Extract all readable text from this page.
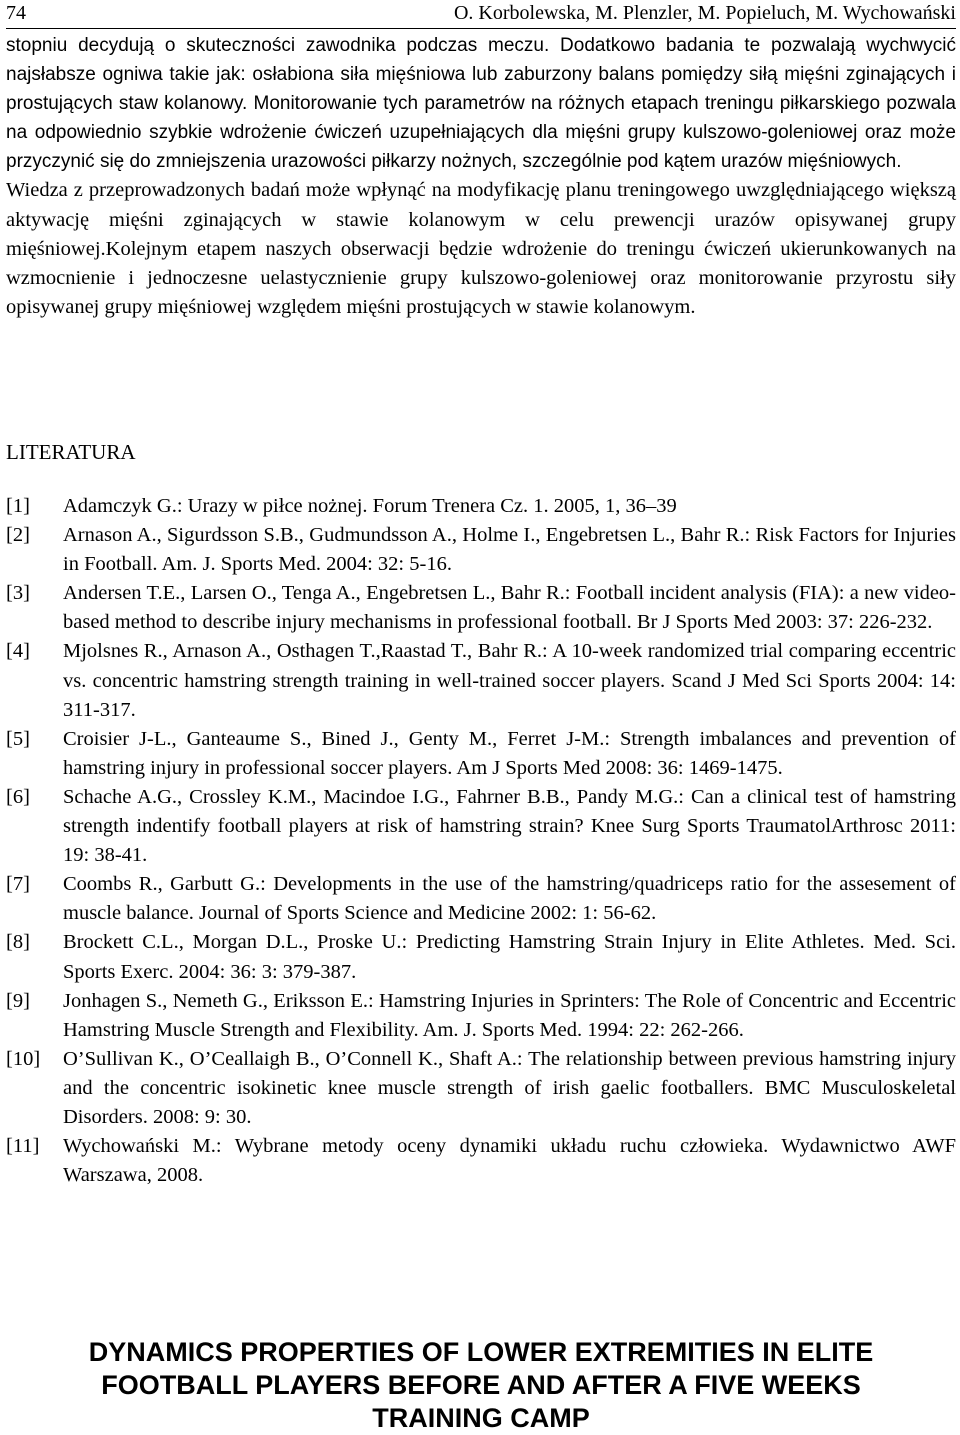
74	O. Korbolewska, M. Plenzler, M. Popieluch, M. Wychowański

stopniu decydują o skuteczności zawodnika podczas meczu. Dodatkowo badania te pozwalają wychwycić najsłabsze ogniwa takie jak: osłabiona siła mięśniowa lub zaburzony balans pomiędzy siłą mięśni zginających i prostujących staw kolanowy. Monitorowanie tych parametrów na różnych etapach treningu piłkarskiego pozwala na odpowiednio szybkie wdrożenie ćwiczeń uzupełniających dla mięśni grupy kulszowo-goleniowej oraz może przyczynić się do zmniejszenia urazowości piłkarzy nożnych, szczególnie pod kątem urazów mięśniowych.

Wiedza z przeprowadzonych badań może wpłynąć na modyfikację planu treningowego uwzględniającego większą aktywację mięśni zginających w stawie kolanowym w celu prewencji urazów opisywanej grupy mięśniowej.Kolejnym etapem naszych obserwacji będzie wdrożenie do treningu ćwiczeń ukierunkowanych na wzmocnienie i jednoczesne uelastycznienie grupy kulszowo-goleniowej oraz monitorowanie przyrostu siły opisywanej grupy mięśniowej względem mięśni prostujących w stawie kolanowym.

LITERATURA
[1] Adamczyk G.: Urazy w piłce nożnej. Forum Trenera Cz. 1. 2005, 1, 36–39
[2] Arnason A., Sigurdsson S.B., Gudmundsson A., Holme I., Engebretsen L., Bahr R.: Risk Factors for Injuries in Football. Am. J. Sports Med. 2004: 32: 5-16.
[3] Andersen T.E., Larsen O., Tenga A., Engebretsen L., Bahr R.: Football incident analysis (FIA): a new video-based method to describe injury mechanisms in professional football. Br J Sports Med 2003: 37: 226-232.
[4] Mjolsnes R., Arnason A., Osthagen T.,Raastad T., Bahr R.: A 10-week randomized trial comparing eccentric vs. concentric hamstring strength training in well-trained soccer players. Scand J Med Sci Sports 2004: 14: 311-317.
[5] Croisier J-L., Ganteaume S., Bined J., Genty M., Ferret J-M.: Strength imbalances and prevention of hamstring injury in professional soccer players. Am J Sports Med 2008: 36: 1469-1475.
[6] Schache A.G., Crossley K.M., Macindoe I.G., Fahrner B.B., Pandy M.G.: Can a clinical test of hamstring strength indentify football players at risk of hamstring strain? Knee Surg Sports TraumatolArthrosc 2011: 19: 38-41.
[7] Coombs R., Garbutt G.: Developments in the use of the hamstring/quadriceps ratio for the assesement of muscle balance. Journal of Sports Science and Medicine 2002: 1: 56-62.
[8] Brockett C.L., Morgan D.L., Proske U.: Predicting Hamstring Strain Injury in Elite Athletes. Med. Sci. Sports Exerc. 2004: 36: 3: 379-387.
[9] Jonhagen S., Nemeth G., Eriksson E.: Hamstring Injuries in Sprinters: The Role of Concentric and Eccentric Hamstring Muscle Strength and Flexibility. Am. J. Sports Med. 1994: 22: 262-266.
[10] O’Sullivan K., O’Ceallaigh B., O’Connell K., Shaft A.: The relationship between previous hamstring injury and the concentric isokinetic knee muscle strength of irish gaelic footballers. BMC Musculoskeletal Disorders. 2008: 9: 30.
[11] Wychowański M.: Wybrane metody oceny dynamiki układu ruchu człowieka. Wydawnictwo AWF Warszawa, 2008.
DYNAMICS PROPERTIES OF LOWER EXTREMITIES IN ELITE
FOOTBALL PLAYERS BEFORE AND AFTER A FIVE WEEKS
TRAINING CAMP
